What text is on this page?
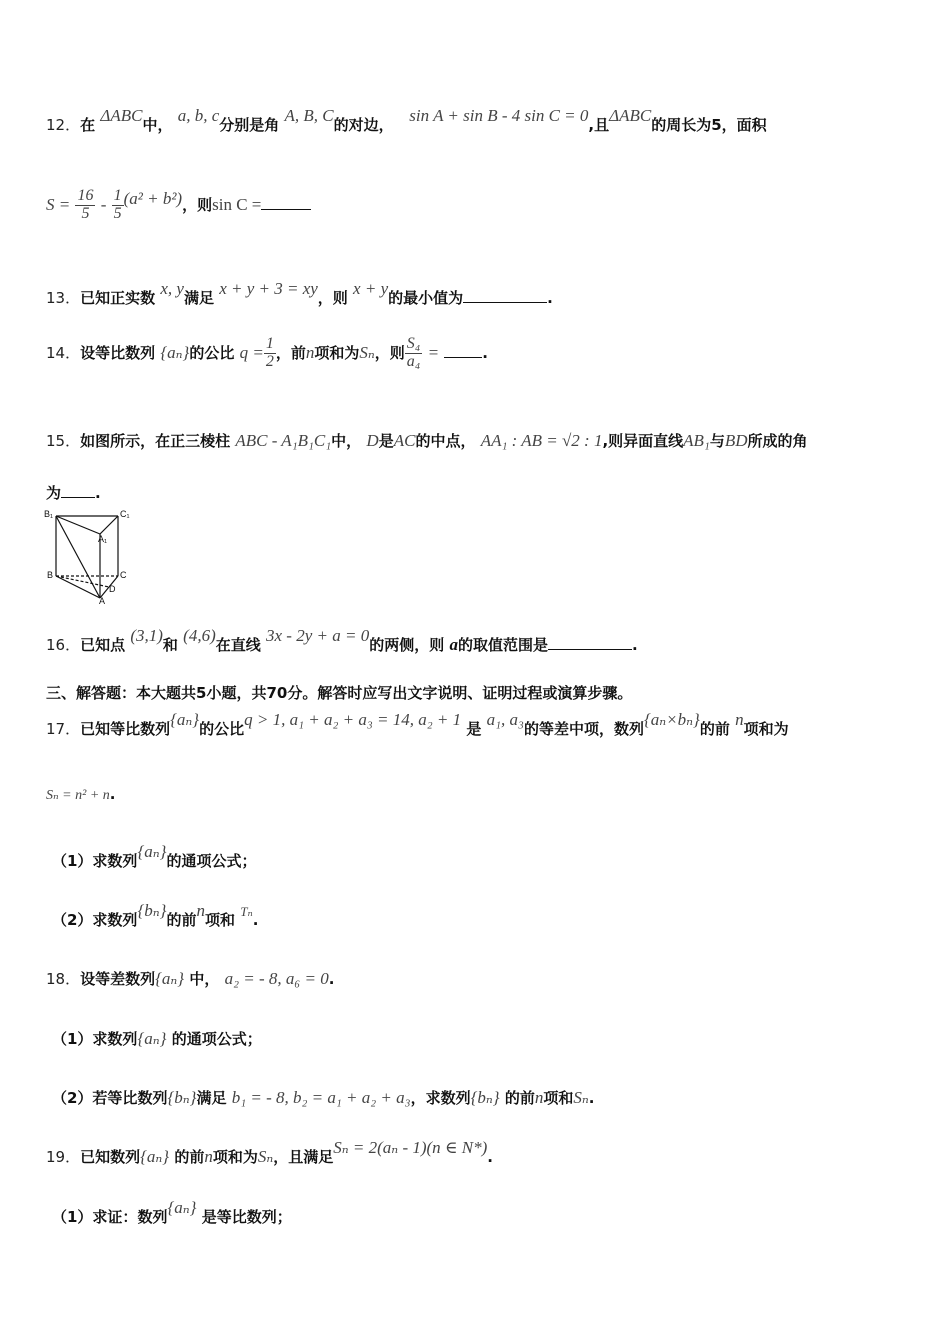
12．在 ΔABC中， a, b, c分别是角 A, B, C的对边， sin A + sin B - 4 sin C = 0,且ΔABC的周长为5，面积
$S = \frac{16}{5} - \frac{1}{5} (a^2 + b^2)$，则sin C =
13．已知正实数 x, y满足 x + y + 3 = xy，则 x + y的最小值为	.
14．设等比数列 {aₙ}的公比 $q = \frac{1}{2}$ ，前n项和为Sₙ，则 $\frac{\text{S₄}}{\text{a₄}}$ =	.
15．如图所示，在正三棱柱 ABC - A₁B₁C₁中， D是AC的中点， AA₁ : AB = √2 : 1,则异面直线AB₁与BD所成的角
为 .
B₁	C₁
A₁
B	C
D
A
16．已知点 (3,1)和 (4,6)在直线 3x - 2y + a = 0的两侧，则 a的取值范围是	.
三、解答题：本大题共5小题，共70分。解答时应写出文字说明、证明过程或演算步骤。
17．已知等比数列{aₙ}的公比q > 1, a₁ + a₂ + a₃ = 14, a₂ + 1 是 a₁, a₃的等差中项，数列{aₙ×bₙ}的前 n项和为
Sₙ = n² + n.
（1）求数列{aₙ}的通项公式；
（2）求数列{bₙ}的前n项和 Tₙ.
18．设等差数列{aₙ} 中， a₂ = - 8, a₆ = 0.
（1）求数列{aₙ} 的通项公式；
（2）若等比数列{bₙ}满足 b₁ = - 8, b₂ = a₁ + a₂ + a₃，求数列{bₙ} 的前n项和Sₙ.
19．已知数列{aₙ} 的前n项和为Sₙ，且满足Sₙ = 2(aₙ - 1)(n ∈ N*).
（1）求证：数列{aₙ} 是等比数列；
